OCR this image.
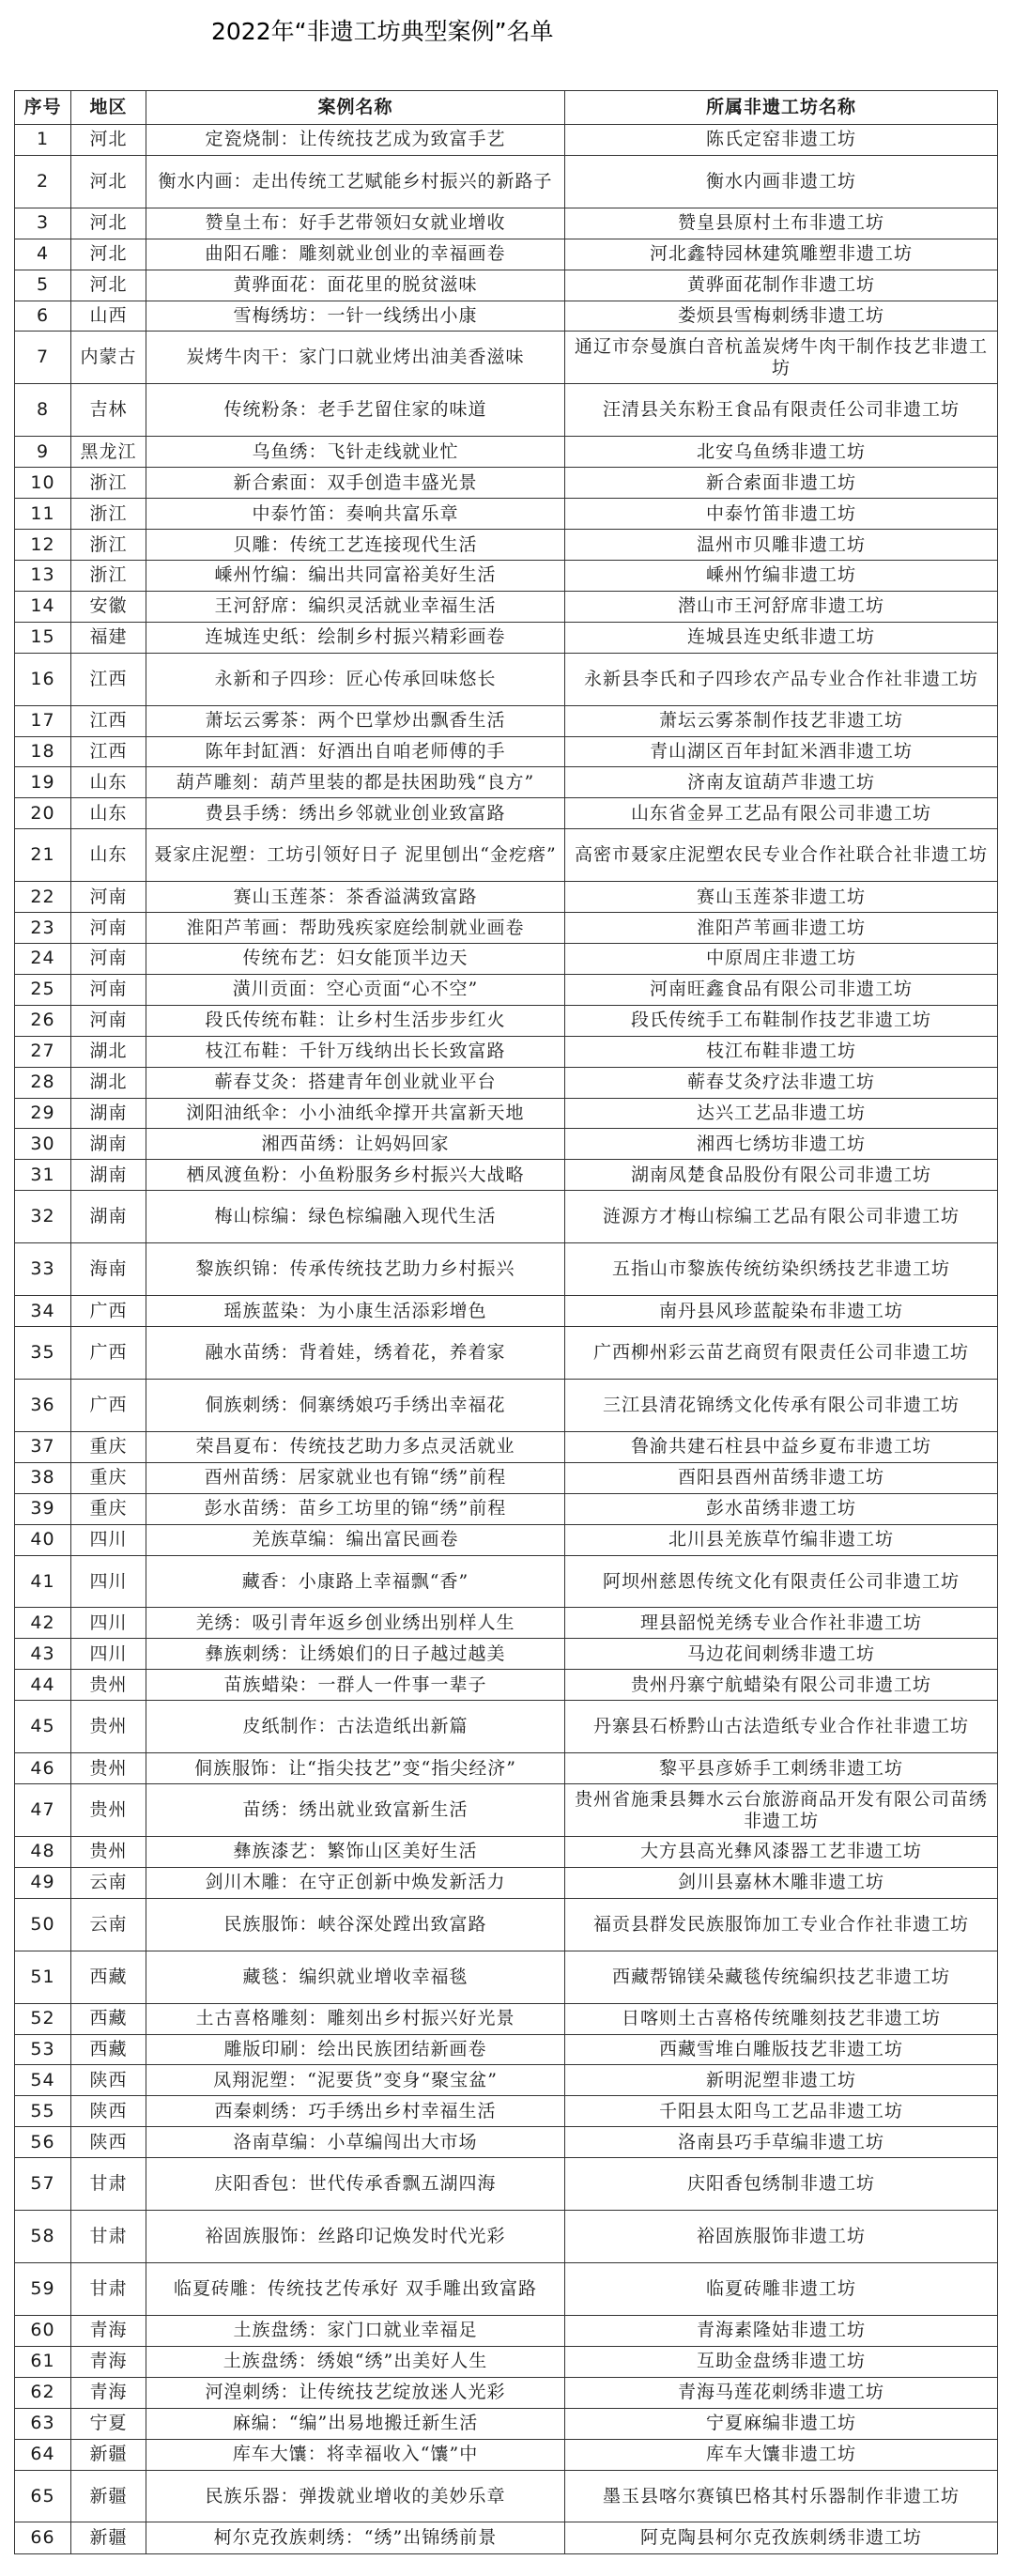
2022年“非遗工坊典型案例”名单
序号	地区	案例名称	所属非遗工坊名称
1	河北	定瓷烧制：让传统技艺成为致富手艺	陈氏定窑非遗工坊
2	河北	衡水内画：走出传统工艺赋能乡村振兴的新路子	衡水内画非遗工坊
3	河北	赞皇土布：好手艺带领妇女就业增收	赞皇县原村土布非遗工坊
4	河北	曲阳石雕：雕刻就业创业的幸福画卷	河北鑫特园林建筑雕塑非遗工坊
5	河北	黄骅面花：面花里的脱贫滋味	黄骅面花制作非遗工坊
6	山西	雪梅绣坊：一针一线绣出小康	娄烦县雪梅刺绣非遗工坊
7	内蒙古	炭烤牛肉干：家门口就业烤出油美香滋味	通辽市奈曼旗白音杭盖炭烤牛肉干制作技艺非遗工坊
8	吉林	传统粉条：老手艺留住家的味道	汪清县关东粉王食品有限责任公司非遗工坊
9	黑龙江	乌鱼绣：飞针走线就业忙	北安乌鱼绣非遗工坊
10	浙江	新合索面：双手创造丰盛光景	新合索面非遗工坊
11	浙江	中泰竹笛：奏响共富乐章	中泰竹笛非遗工坊
12	浙江	贝雕：传统工艺连接现代生活	温州市贝雕非遗工坊
13	浙江	嵊州竹编：编出共同富裕美好生活	嵊州竹编非遗工坊
14	安徽	王河舒席：编织灵活就业幸福生活	潜山市王河舒席非遗工坊
15	福建	连城连史纸：绘制乡村振兴精彩画卷	连城县连史纸非遗工坊
16	江西	永新和子四珍：匠心传承回味悠长	永新县李氏和子四珍农产品专业合作社非遗工坊
17	江西	萧坛云雾茶：两个巴掌炒出飘香生活	萧坛云雾茶制作技艺非遗工坊
18	江西	陈年封缸酒：好酒出自咱老师傅的手	青山湖区百年封缸米酒非遗工坊
19	山东	葫芦雕刻：葫芦里装的都是扶困助残“良方”	济南友谊葫芦非遗工坊
20	山东	费县手绣：绣出乡邻就业创业致富路	山东省金昇工艺品有限公司非遗工坊
21	山东	聂家庄泥塑：工坊引领好日子 泥里刨出“金疙瘩”	高密市聂家庄泥塑农民专业合作社联合社非遗工坊
22	河南	赛山玉莲茶：茶香溢满致富路	赛山玉莲茶非遗工坊
23	河南	淮阳芦苇画：帮助残疾家庭绘制就业画卷	淮阳芦苇画非遗工坊
24	河南	传统布艺：妇女能顶半边天	中原周庄非遗工坊
25	河南	潢川贡面：空心贡面“心不空”	河南旺鑫食品有限公司非遗工坊
26	河南	段氏传统布鞋：让乡村生活步步红火	段氏传统手工布鞋制作技艺非遗工坊
27	湖北	枝江布鞋：千针万线纳出长长致富路	枝江布鞋非遗工坊
28	湖北	蕲春艾灸：搭建青年创业就业平台	蕲春艾灸疗法非遗工坊
29	湖南	浏阳油纸伞：小小油纸伞撑开共富新天地	达兴工艺品非遗工坊
30	湖南	湘西苗绣：让妈妈回家	湘西七绣坊非遗工坊
31	湖南	栖凤渡鱼粉：小鱼粉服务乡村振兴大战略	湖南凤楚食品股份有限公司非遗工坊
32	湖南	梅山棕编：绿色棕编融入现代生活	涟源方才梅山棕编工艺品有限公司非遗工坊
33	海南	黎族织锦：传承传统技艺助力乡村振兴	五指山市黎族传统纺染织绣技艺非遗工坊
34	广西	瑶族蓝染：为小康生活添彩增色	南丹县风珍蓝靛染布非遗工坊
35	广西	融水苗绣：背着娃，绣着花，养着家	广西柳州彩云苗艺商贸有限责任公司非遗工坊
36	广西	侗族刺绣：侗寨绣娘巧手绣出幸福花	三江县清花锦绣文化传承有限公司非遗工坊
37	重庆	荣昌夏布：传统技艺助力多点灵活就业	鲁渝共建石柱县中益乡夏布非遗工坊
38	重庆	酉州苗绣：居家就业也有锦“绣”前程	酉阳县酉州苗绣非遗工坊
39	重庆	彭水苗绣：苗乡工坊里的锦“绣”前程	彭水苗绣非遗工坊
40	四川	羌族草编：编出富民画卷	北川县羌族草竹编非遗工坊
41	四川	藏香：小康路上幸福飘“香”	阿坝州慈恩传统文化有限责任公司非遗工坊
42	四川	羌绣：吸引青年返乡创业绣出别样人生	理县韶悦羌绣专业合作社非遗工坊
43	四川	彝族刺绣：让绣娘们的日子越过越美	马边花间刺绣非遗工坊
44	贵州	苗族蜡染：一群人一件事一辈子	贵州丹寨宁航蜡染有限公司非遗工坊
45	贵州	皮纸制作：古法造纸出新篇	丹寨县石桥黔山古法造纸专业合作社非遗工坊
46	贵州	侗族服饰：让“指尖技艺”变“指尖经济”	黎平县彦娇手工刺绣非遗工坊
47	贵州	苗绣：绣出就业致富新生活	贵州省施秉县舞水云台旅游商品开发有限公司苗绣非遗工坊
48	贵州	彝族漆艺：繁饰山区美好生活	大方县高光彝风漆器工艺非遗工坊
49	云南	剑川木雕：在守正创新中焕发新活力	剑川县嘉林木雕非遗工坊
50	云南	民族服饰：峡谷深处蹚出致富路	福贡县群发民族服饰加工专业合作社非遗工坊
51	西藏	藏毯：编织就业增收幸福毯	西藏帮锦镁朵藏毯传统编织技艺非遗工坊
52	西藏	土古喜格雕刻：雕刻出乡村振兴好光景	日喀则土古喜格传统雕刻技艺非遗工坊
53	西藏	雕版印刷：绘出民族团结新画卷	西藏雪堆白雕版技艺非遗工坊
54	陕西	凤翔泥塑：“泥要货”变身“聚宝盆”	新明泥塑非遗工坊
55	陕西	西秦刺绣：巧手绣出乡村幸福生活	千阳县太阳鸟工艺品非遗工坊
56	陕西	洛南草编：小草编闯出大市场	洛南县巧手草编非遗工坊
57	甘肃	庆阳香包：世代传承香飘五湖四海	庆阳香包绣制非遗工坊
58	甘肃	裕固族服饰：丝路印记焕发时代光彩	裕固族服饰非遗工坊
59	甘肃	临夏砖雕：传统技艺传承好 双手雕出致富路	临夏砖雕非遗工坊
60	青海	土族盘绣：家门口就业幸福足	青海素隆姑非遗工坊
61	青海	土族盘绣：绣娘“绣”出美好人生	互助金盘绣非遗工坊
62	青海	河湟刺绣：让传统技艺绽放迷人光彩	青海马莲花刺绣非遗工坊
63	宁夏	麻编：“编”出易地搬迁新生活	宁夏麻编非遗工坊
64	新疆	库车大馕：将幸福收入“馕”中	库车大馕非遗工坊
65	新疆	民族乐器：弹拨就业增收的美妙乐章	墨玉县喀尔赛镇巴格其村乐器制作非遗工坊
66	新疆	柯尔克孜族刺绣：“绣”出锦绣前景	阿克陶县柯尔克孜族刺绣非遗工坊
